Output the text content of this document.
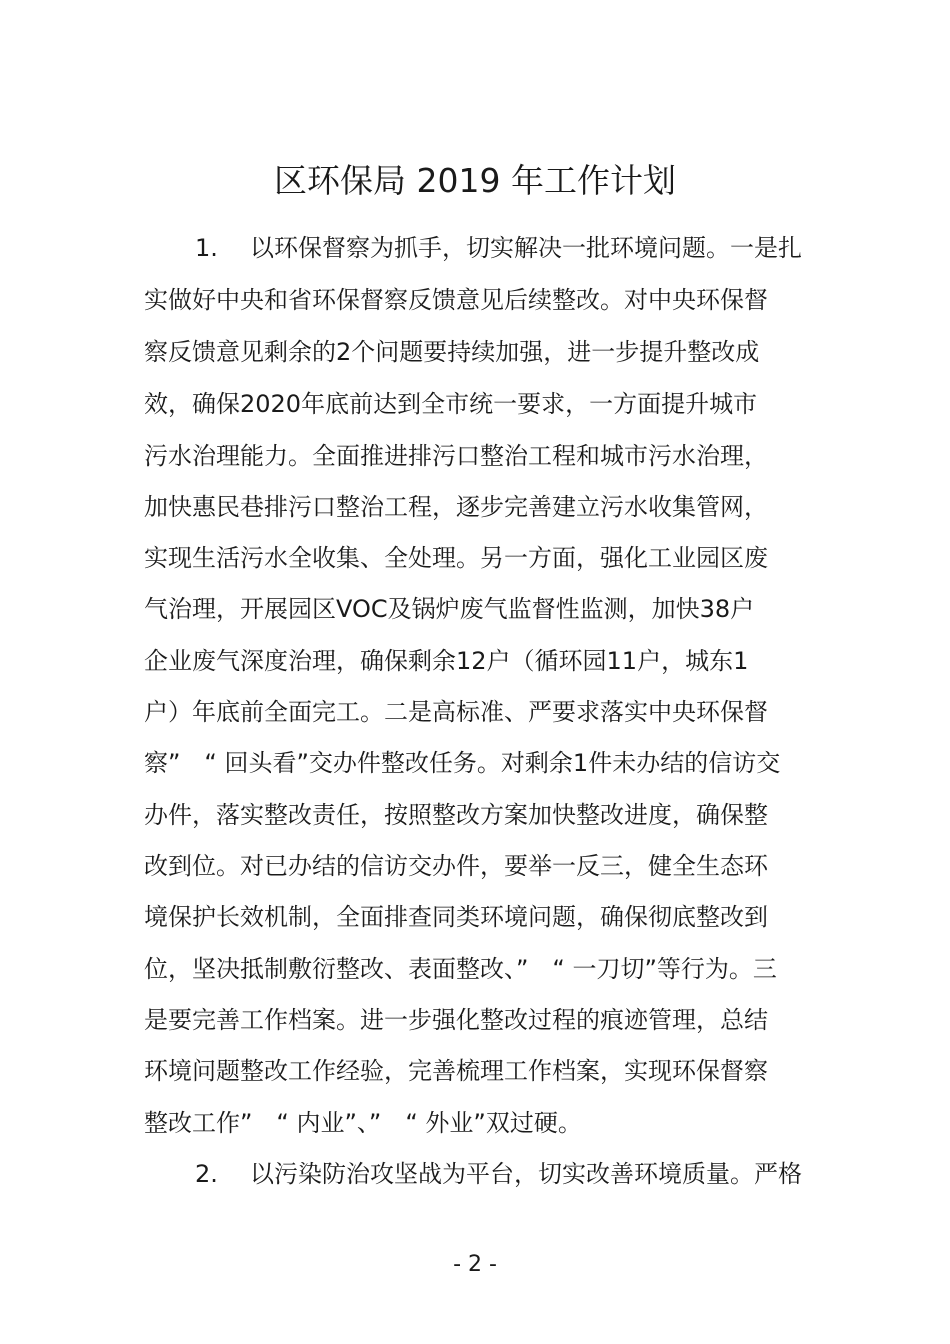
区环保局 2019 年工作计划
1. 以环保督察为抓手，切实解决一批环境问题。一是扎
实做好中央和省环保督察反馈意见后续整改。对中央环保督
察反馈意见剩余的2个问题要持续加强，进一步提升整改成
效，确保2020年底前达到全市统一要求，一方面提升城市
污水治理能力。全面推进排污口整治工程和城市污水治理，
加快惠民巷排污口整治工程，逐步完善建立污水收集管网，
实现生活污水全收集、全处理。另一方面，强化工业园区废
气治理，开展园区VOC及锅炉废气监督性监测，加快38户
企业废气深度治理，确保剩余12户（循环园11户，城东1
户）年底前全面完工。二是高标准、严要求落实中央环保督
察”　“ 回头看”交办件整改任务。对剩余1件未办结的信访交
办件，落实整改责任，按照整改方案加快整改进度，确保整
改到位。对已办结的信访交办件，要举一反三，健全生态环
境保护长效机制，全面排查同类环境问题，确保彻底整改到
位，坚决抵制敷衍整改、表面整改、”　“ 一刀切”等行为。三
是要完善工作档案。进一步强化整改过程的痕迹管理，总结
环境问题整改工作经验，完善梳理工作档案，实现环保督察
整改工作”　“ 内业”、”　“ 外业”双过硬。
2. 以污染防治攻坚战为平台，切实改善环境质量。严格
- 2 -
